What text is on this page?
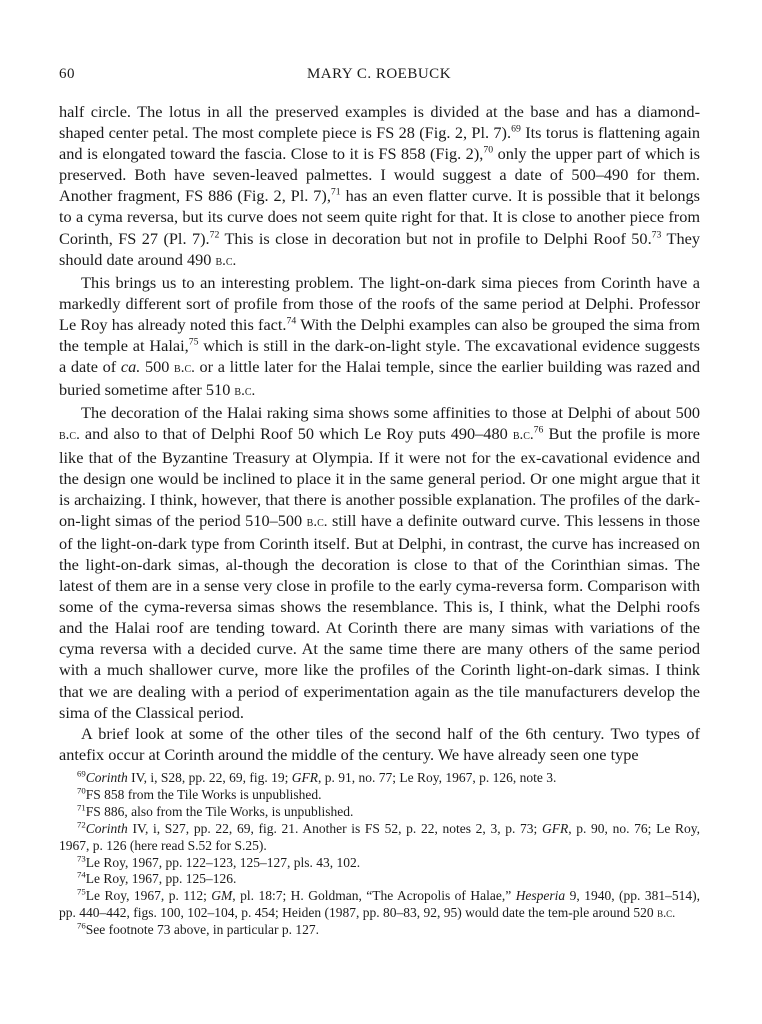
60	MARY C. ROEBUCK

half circle. The lotus in all the preserved examples is divided at the base and has a diamond-shaped center petal. The most complete piece is FS 28 (Fig. 2, Pl. 7).$^{69}$ Its torus is flattening again and is elongated toward the fascia. Close to it is FS 858 (Fig. 2),$^{70}$ only the upper part of which is preserved. Both have seven-leaved palmettes. I would suggest a date of 500–490 for them. Another fragment, FS 886 (Fig. 2, Pl. 7),$^{71}$ has an even flatter curve. It is possible that it belongs to a cyma reversa, but its curve does not seem quite right for that. It is close to another piece from Corinth, FS 27 (Pl. 7).$^{72}$ This is close in decoration but not in profile to Delphi Roof 50.73 They should date around 490 b.c.

This brings us to an interesting problem. The light-on-dark sima pieces from Corinth have a markedly different sort of profile from those of the roofs of the same period at Delphi. Professor Le Roy has already noted this fact.$^{74}$ With the Delphi examples can also be grouped the sima from the temple at Halai,$^{75}$ which is still in the dark-on-light style. The excavational evidence suggests a date of ca. 500 b.c. or a little later for the Halai temple, since the earlier building was razed and buried sometime after 510 b.c.

The decoration of the Halai raking sima shows some affinities to those at Delphi of about 500 b.c. and also to that of Delphi Roof 50 which Le Roy puts 490–480 b.c.$^{76}$ But the profile is more like that of the Byzantine Treasury at Olympia. If it were not for the ex-cavational evidence and the design one would be inclined to place it in the same general period. Or one might argue that it is archaizing. I think, however, that there is another possible explanation. The profiles of the dark-on-light simas of the period 510–500 b.c. still have a definite outward curve. This lessens in those of the light-on-dark type from Corinth itself. But at Delphi, in contrast, the curve has increased on the light-on-dark simas, al-though the decoration is close to that of the Corinthian simas. The latest of them are in a sense very close in profile to the early cyma-reversa form. Comparison with some of the cyma-reversa simas shows the resemblance. This is, I think, what the Delphi roofs and the Halai roof are tending toward. At Corinth there are many simas with variations of the cyma reversa with a decided curve. At the same time there are many others of the same period with a much shallower curve, more like the profiles of the Corinth light-on-dark simas. I think that we are dealing with a period of experimentation again as the tile manufacturers develop the sima of the Classical period.

A brief look at some of the other tiles of the second half of the 6th century. Two types of antefix occur at Corinth around the middle of the century. We have already seen one type

$^{69}$Corinth IV, i, S28, pp. 22, 69, fig. 19; GFR, p. 91, no. 77; Le Roy, 1967, p. 126, note 3.

$^{70}$FS 858 from the Tile Works is unpublished.

$^{71}$FS 886, also from the Tile Works, is unpublished.

$^{72}$Corinth IV, i, S27, pp. 22, 69, fig. 21. Another is FS 52, p. 22, notes 2, 3, p. 73; GFR, p. 90, no. 76; Le Roy, 1967, p. 126 (here read S.52 for S.25).

$^{73}$Le Roy, 1967, pp. 122–123, 125–127, pls. 43, 102.

$^{74}$Le Roy, 1967, pp. 125–126.

$^{75}$Le Roy, 1967, p. 112; GM, pl. 18:7; H. Goldman, “The Acropolis of Halae,” Hesperia 9, 1940, (pp. 381–514), pp. 440–442, figs. 100, 102–104, p. 454; Heiden (1987, pp. 80–83, 92, 95) would date the tem-ple around 520 b.c.

$^{76}$See footnote 73 above, in particular p. 127.
